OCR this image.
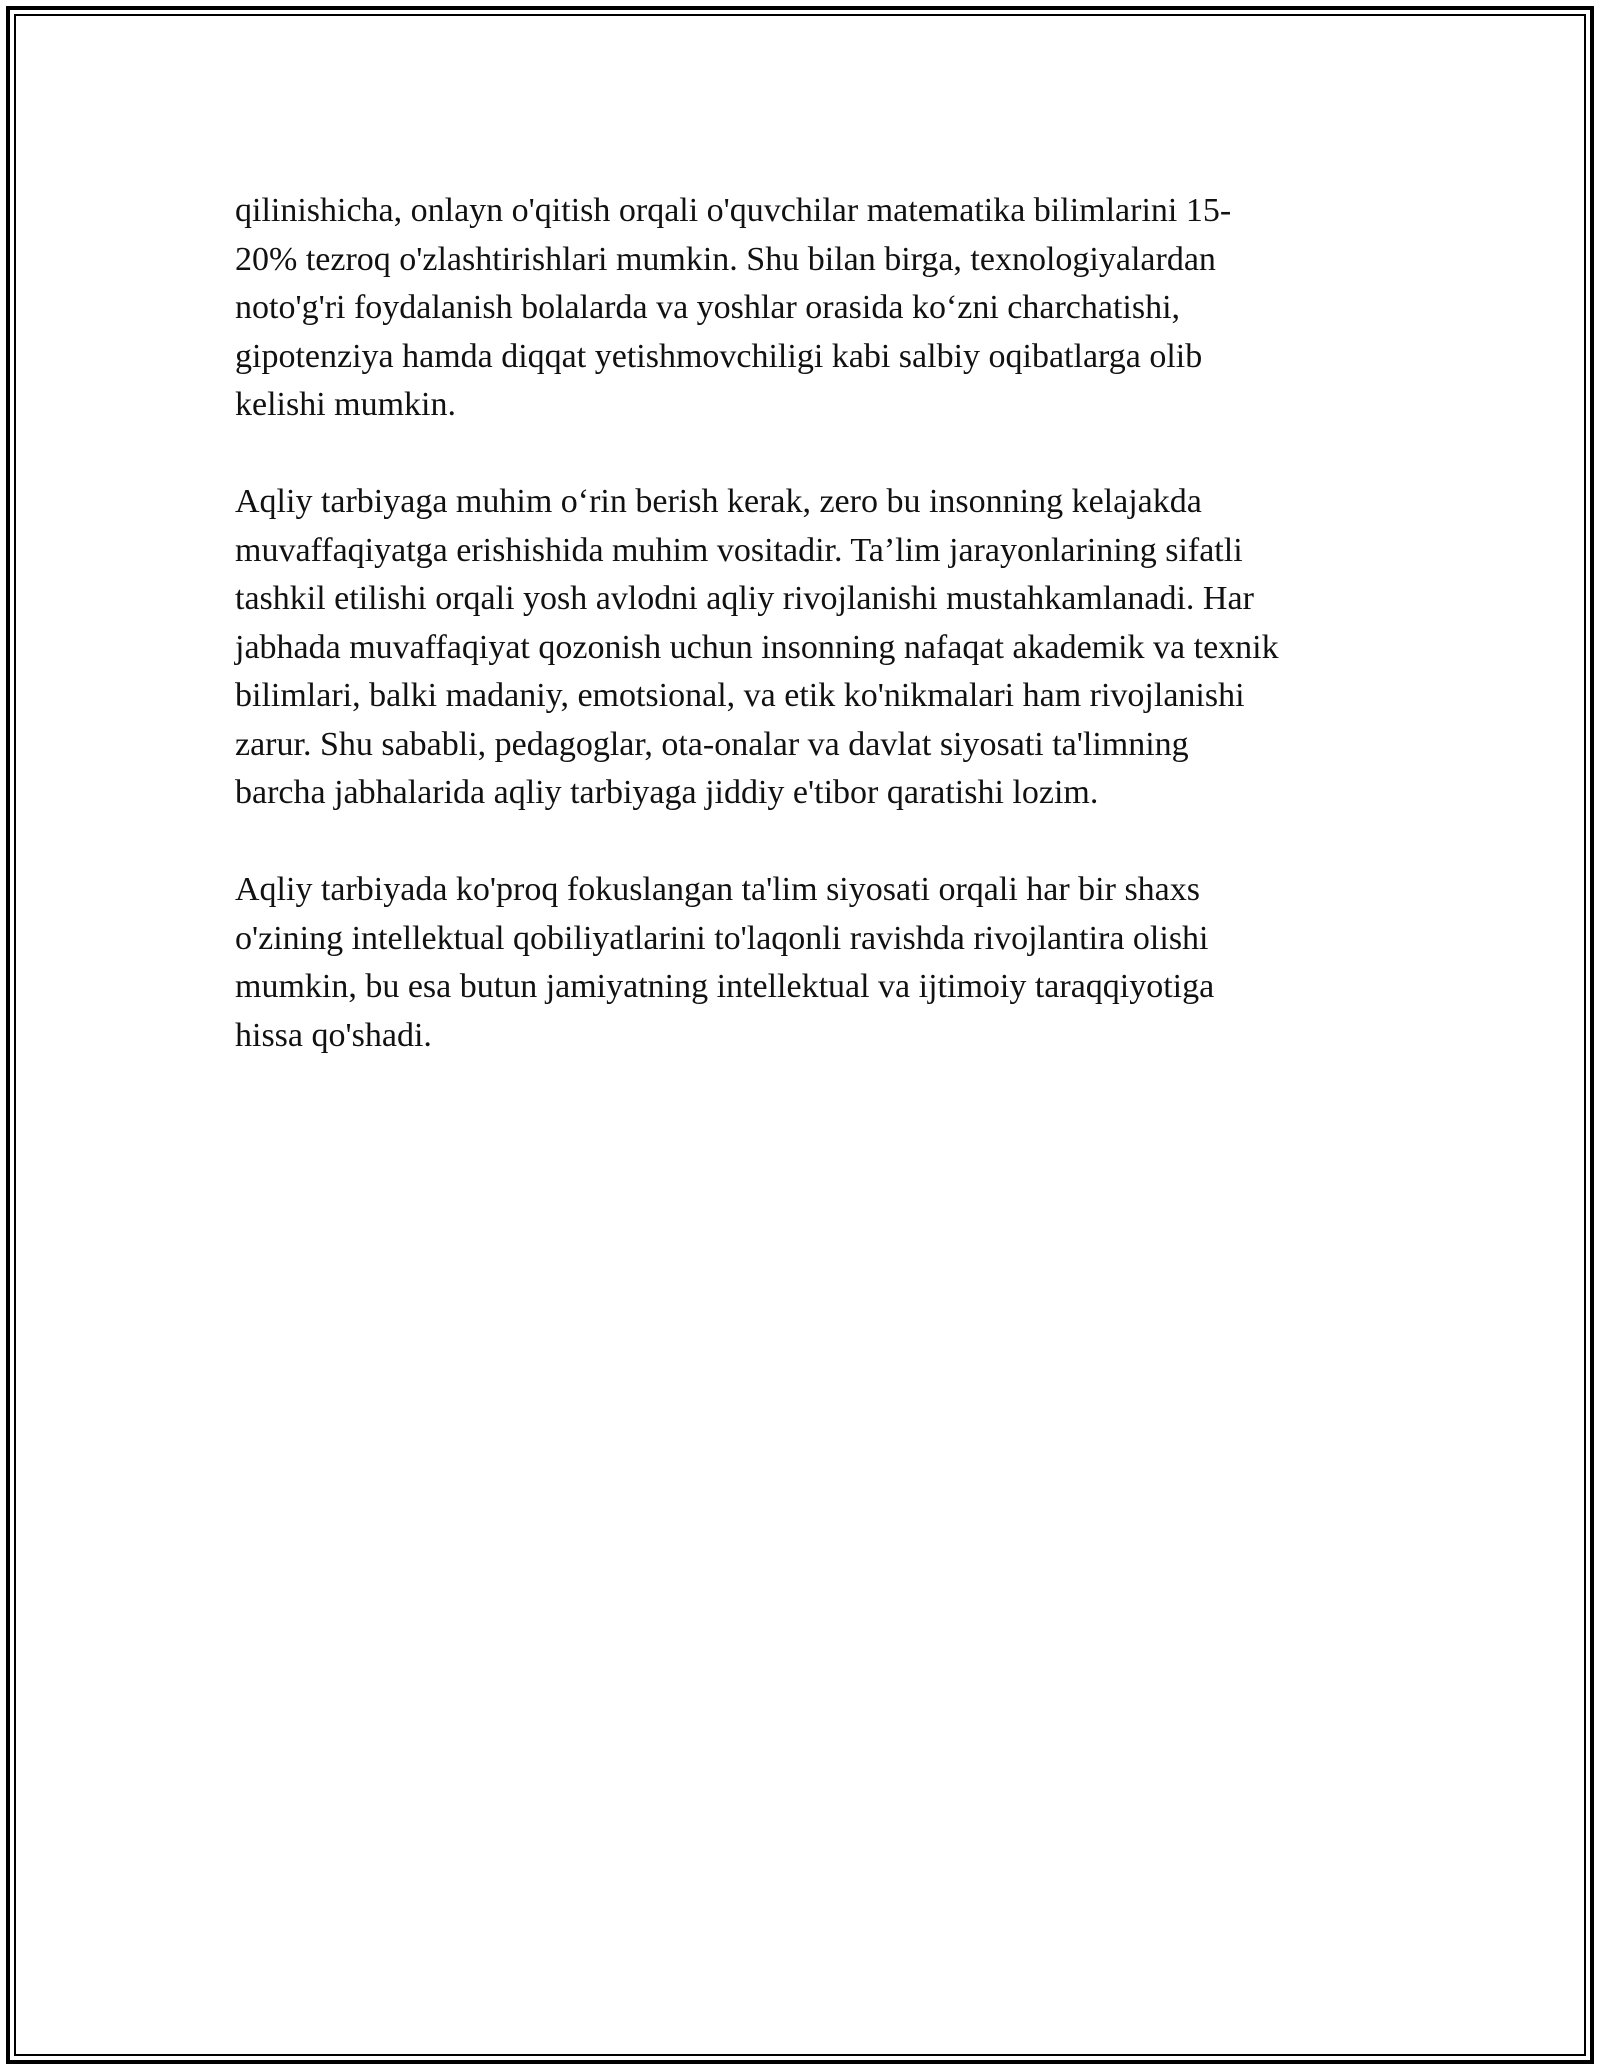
qilinishicha, onlayn o'qitish orqali o'quvchilar matematika bilimlarini 15-
20% tezroq o'zlashtirishlari mumkin. Shu bilan birga, texnologiyalardan
noto'g'ri foydalanish bolalarda va yoshlar orasida ko‘zni charchatishi,
gipotenziya hamda diqqat yetishmovchiligi kabi salbiy oqibatlarga olib
kelishi mumkin.

Aqliy tarbiyaga muhim o‘rin berish kerak, zero bu insonning kelajakda
muvaffaqiyatga erishishida muhim vositadir. Ta’lim jarayonlarining sifatli
tashkil etilishi orqali yosh avlodni aqliy rivojlanishi mustahkamlanadi. Har
jabhada muvaffaqiyat qozonish uchun insonning nafaqat akademik va texnik
bilimlari, balki madaniy, emotsional, va etik ko'nikmalari ham rivojlanishi
zarur. Shu sababli, pedagoglar, ota-onalar va davlat siyosati ta'limning
barcha jabhalarida aqliy tarbiyaga jiddiy e'tibor qaratishi lozim.

Aqliy tarbiyada ko'proq fokuslangan ta'lim siyosati orqali har bir shaxs
o'zining intellektual qobiliyatlarini to'laqonli ravishda rivojlantira olishi
mumkin, bu esa butun jamiyatning intellektual va ijtimoiy taraqqiyotiga
hissa qo'shadi.
